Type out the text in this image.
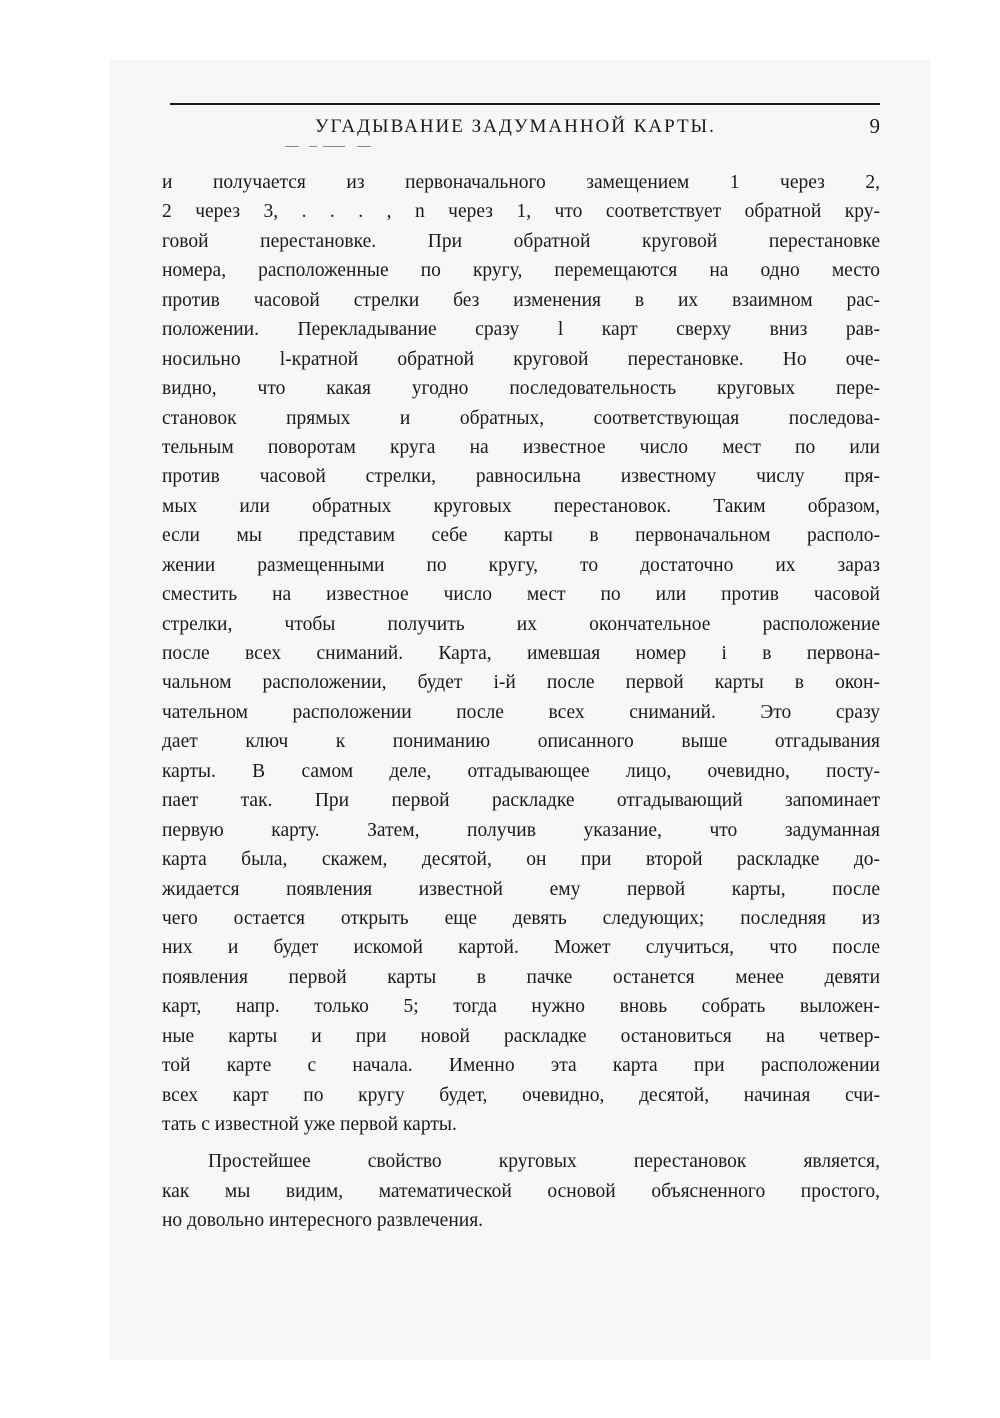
УГАДЫВАНИЕ ЗАДУМАННОЙ КАРТЫ.	9
и получается из первоначального замещением 1 через 2,
2 через 3, . . . , n через 1, что соответствует обратной кру-
говой перестановке. При обратной круговой перестановке
номера, расположенные по кругу, перемещаются на одно место
против часовой стрелки без изменения в их взаимном рас-
положении. Перекладывание сразу l карт сверху вниз рав-
носильно l-кратной обратной круговой перестановке. Но оче-
видно, что какая угодно последовательность круговых пере-
становок прямых и обратных, соответствующая последова-
тельным поворотам круга на известное число мест по или
против часовой стрелки, равносильна известному числу пря-
мых или обратных круговых перестановок. Таким образом,
если мы представим себе карты в первоначальном располо-
жении размещенными по кругу, то достаточно их зараз
сместить на известное число мест по или против часовой
стрелки, чтобы получить их окончательное расположение
после всех сниманий. Карта, имевшая номер i в первона-
чальном расположении, будет i-й после первой карты в окон-
чательном расположении после всех сниманий. Это сразу
дает ключ к пониманию описанного выше отгадывания
карты. В самом деле, отгадывающее лицо, очевидно, посту-
пает так. При первой раскладке отгадывающий запоминает
первую карту. Затем, получив указание, что задуманная
карта была, скажем, десятой, он при второй раскладке до-
жидается появления известной ему первой карты, после
чего остается открыть еще девять следующих; последняя из
них и будет искомой картой. Может случиться, что после
появления первой карты в пачке останется менее девяти
карт, напр. только 5; тогда нужно вновь собрать выложен-
ные карты и при новой раскладке остановиться на четвер-
той карте с начала. Именно эта карта при расположении
всех карт по кругу будет, очевидно, десятой, начиная счи-
тать с известной уже первой карты.
Простейшее свойство круговых перестановок является,
как мы видим, математической основой объясненного простого,
но довольно интересного развлечения.
